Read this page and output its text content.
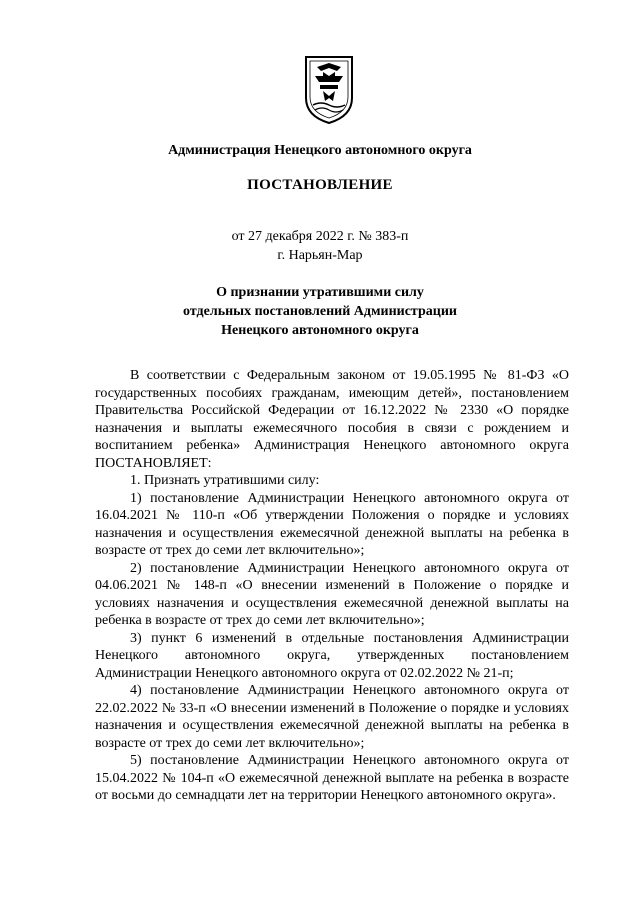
Администрация Ненецкого автономного округа
ПОСТАНОВЛЕНИЕ
от 27 декабря 2022 г. № 383-п
г. Нарьян-Мар
О признании утратившими силу
отдельных постановлений Администрации
Ненецкого автономного округа

В соответствии с Федеральным законом от 19.05.1995 № 81-ФЗ «О государственных пособиях гражданам, имеющим детей», постановлением Правительства Российской Федерации от 16.12.2022 № 2330 «О порядке назначения и выплаты ежемесячного пособия в связи с рождением и воспитанием ребенка» Администрация Ненецкого автономного округа ПОСТАНОВЛЯЕТ:

1. Признать утратившими силу:

1) постановление Администрации Ненецкого автономного округа от 16.04.2021 № 110-п «Об утверждении Положения о порядке и условиях назначения и осуществления ежемесячной денежной выплаты на ребенка в возрасте от трех до семи лет включительно»;

2) постановление Администрации Ненецкого автономного округа от 04.06.2021 № 148-п «О внесении изменений в Положение о порядке и условиях назначения и осуществления ежемесячной денежной выплаты на ребенка в возрасте от трех до семи лет включительно»;

3) пункт 6 изменений в отдельные постановления Администрации Ненецкого автономного округа, утвержденных постановлением Администрации Ненецкого автономного округа от 02.02.2022 № 21-п;

4) постановление Администрации Ненецкого автономного округа от 22.02.2022 № 33-п «О внесении изменений в Положение о порядке и условиях назначения и осуществления ежемесячной денежной выплаты на ребенка в возрасте от трех до семи лет включительно»;

5) постановление Администрации Ненецкого автономного округа от 15.04.2022 № 104-п «О ежемесячной денежной выплате на ребенка в возрасте от восьми до семнадцати лет на территории Ненецкого автономного округа».
